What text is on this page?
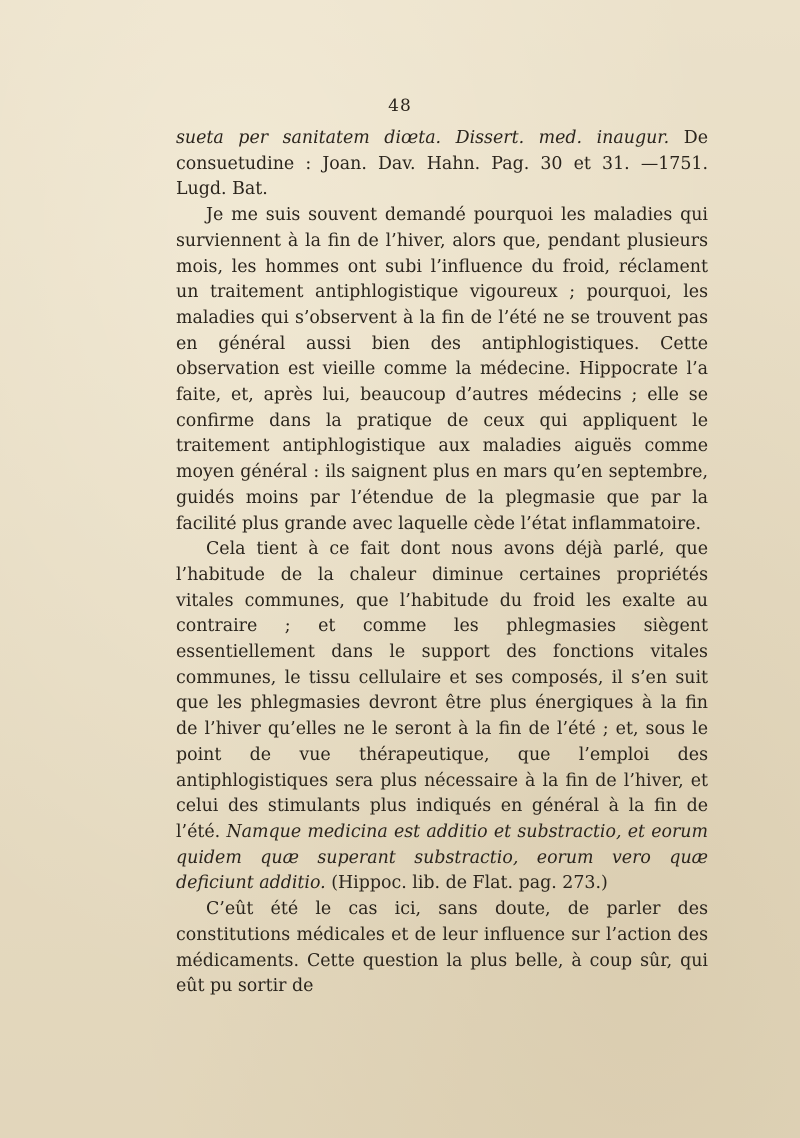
48

sueta per sanitatem diœta. Dissert. med. inaugur. De consuetudine : Joan. Dav. Hahn. Pag. 30 et 31. —1751. Lugd. Bat.

Je me suis souvent demandé pourquoi les maladies qui surviennent à la fin de l’hiver, alors que, pendant plusieurs mois, les hommes ont subi l’influence du froid, réclament un traitement antiphlogistique vigoureux ; pourquoi, les maladies qui s’observent à la fin de l’été ne se trouvent pas en général aussi bien des antiphlogistiques. Cette observation est vieille comme la médecine. Hippocrate l’a faite, et, après lui, beaucoup d’autres médecins ; elle se confirme dans la pratique de ceux qui appliquent le traitement antiphlogistique aux maladies aiguës comme moyen général : ils saignent plus en mars qu’en septembre, guidés moins par l’étendue de la plegmasie que par la facilité plus grande avec laquelle cède l’état inflammatoire.

Cela tient à ce fait dont nous avons déjà parlé, que l’habitude de la chaleur diminue certaines propriétés vitales communes, que l’habitude du froid les exalte au contraire ; et comme les phlegmasies siègent essentiellement dans le support des fonctions vitales communes, le tissu cellulaire et ses composés, il s’en suit que les phlegmasies devront être plus énergiques à la fin de l’hiver qu’elles ne le seront à la fin de l’été ; et, sous le point de vue thérapeutique, que l’emploi des antiphlogistiques sera plus nécessaire à la fin de l’hiver, et celui des stimulants plus indiqués en général à la fin de l’été. Namque medicina est additio et substractio, et eorum quidem quæ superant substractio, eorum vero quæ deficiunt additio. (Hippoc. lib. de Flat. pag. 273.)

C’eût été le cas ici, sans doute, de parler des constitutions médicales et de leur influence sur l’action des médicaments. Cette question la plus belle, à coup sûr, qui eût pu sortir de
